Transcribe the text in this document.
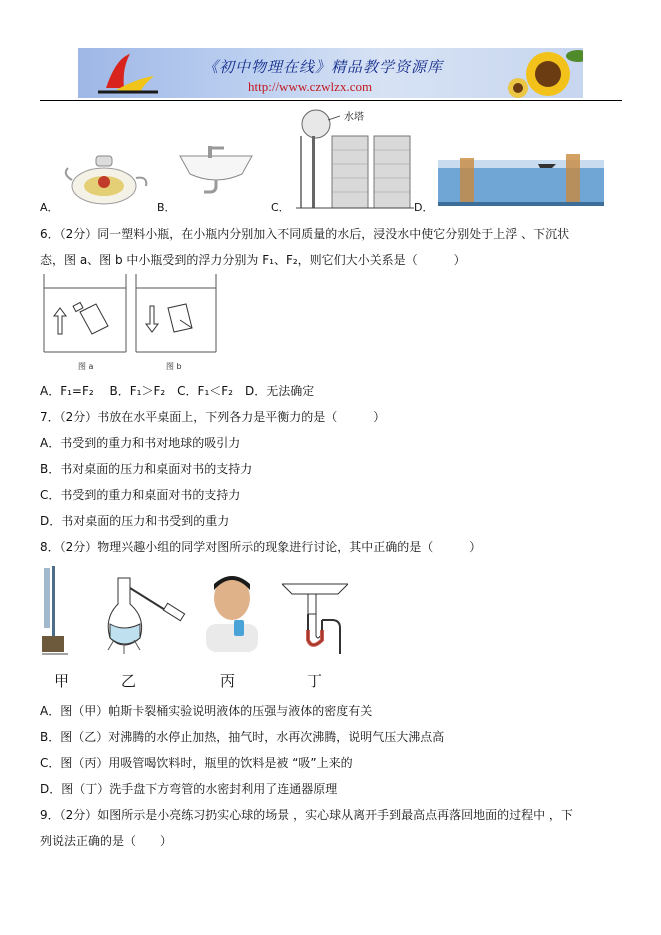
《初中物理在线》精品教学资源库
http://www.czwlzx.com
A．	B．	C．
水塔
D．
6．（2分）同一塑料小瓶，在小瓶内分别加入不同质量的水后，浸没水中使它分别处于上浮 、下沉状
态，图 a、图 b 中小瓶受到的浮力分别为 F₁、F₂，则它们大小关系是（　　　）
图 a	图 b
A．F₁=F₂　 B．F₁＞F₂　C．F₁＜F₂　D．无法确定
7．（2分）书放在水平桌面上，下列各力是平衡力的是（　　　）
A．书受到的重力和书对地球的吸引力
B．书对桌面的压力和桌面对书的支持力
C．书受到的重力和桌面对书的支持力
D．书对桌面的压力和书受到的重力
8．（2分）物理兴趣小组的同学对图所示的现象进行讨论，其中正确的是（　　　）
甲	乙	丙	丁
A．图（甲）帕斯卡裂桶实验说明液体的压强与液体的密度有关
B．图（乙）对沸腾的水停止加热，抽气时，水再次沸腾，说明气压大沸点高
C．图（丙）用吸管喝饮料时，瓶里的饮料是被 “吸”上来的
D．图（丁）洗手盘下方弯管的水密封利用了连通器原理
9．（2分）如图所示是小亮练习扔实心球的场景 ，实心球从离开手到最高点再落回地面的过程中 ，下
列说法正确的是（　　）
